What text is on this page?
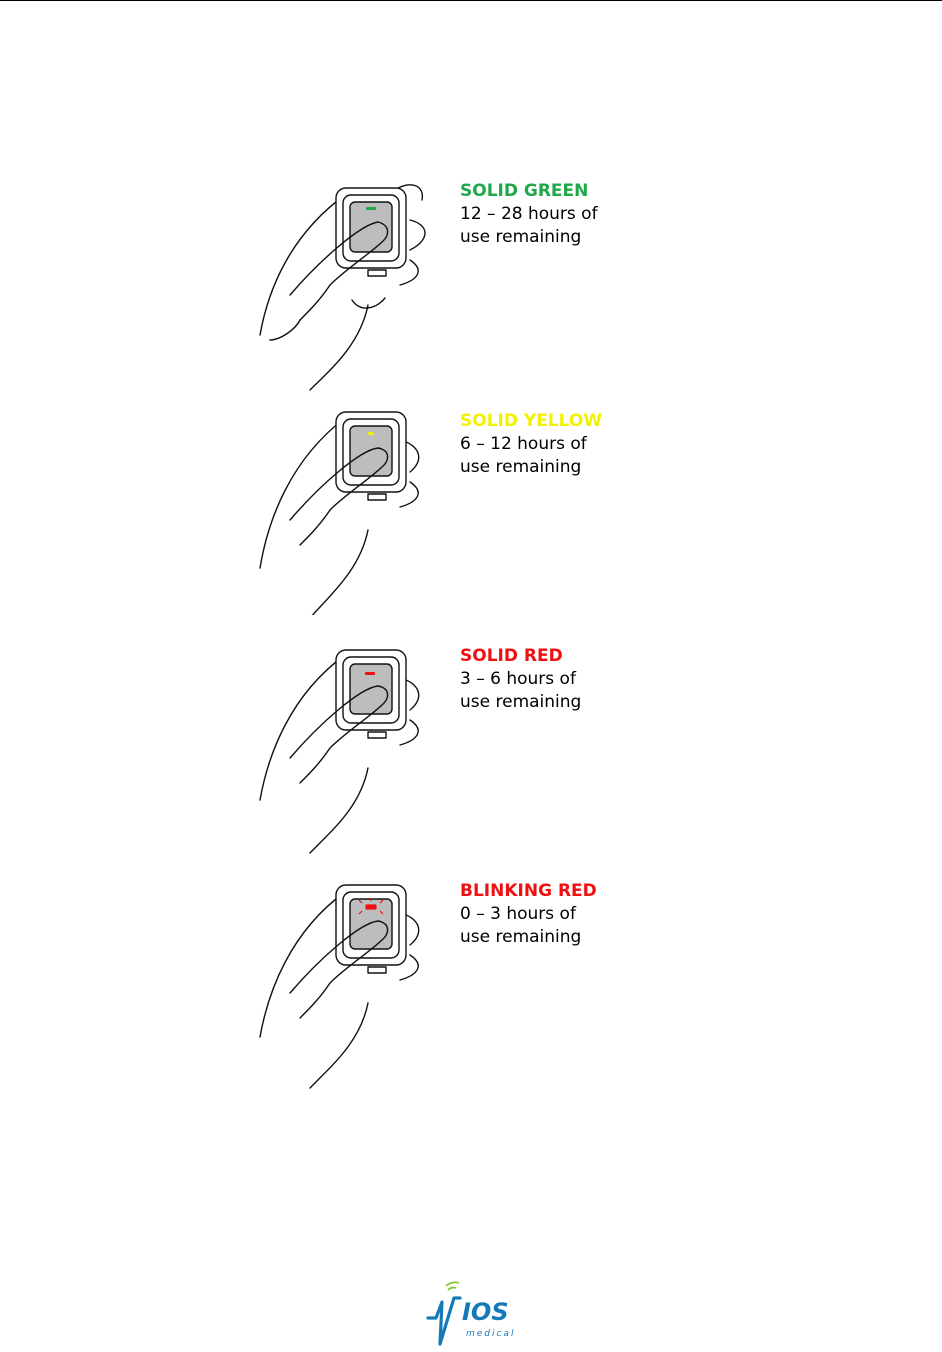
SOLID GREEN
12 – 28 hours of
use remaining
SOLID YELLOW
6 – 12 hours of
use remaining
SOLID RED
3 – 6 hours of
use remaining
BLINKING RED
0 – 3 hours of
use remaining
IOS
medical
